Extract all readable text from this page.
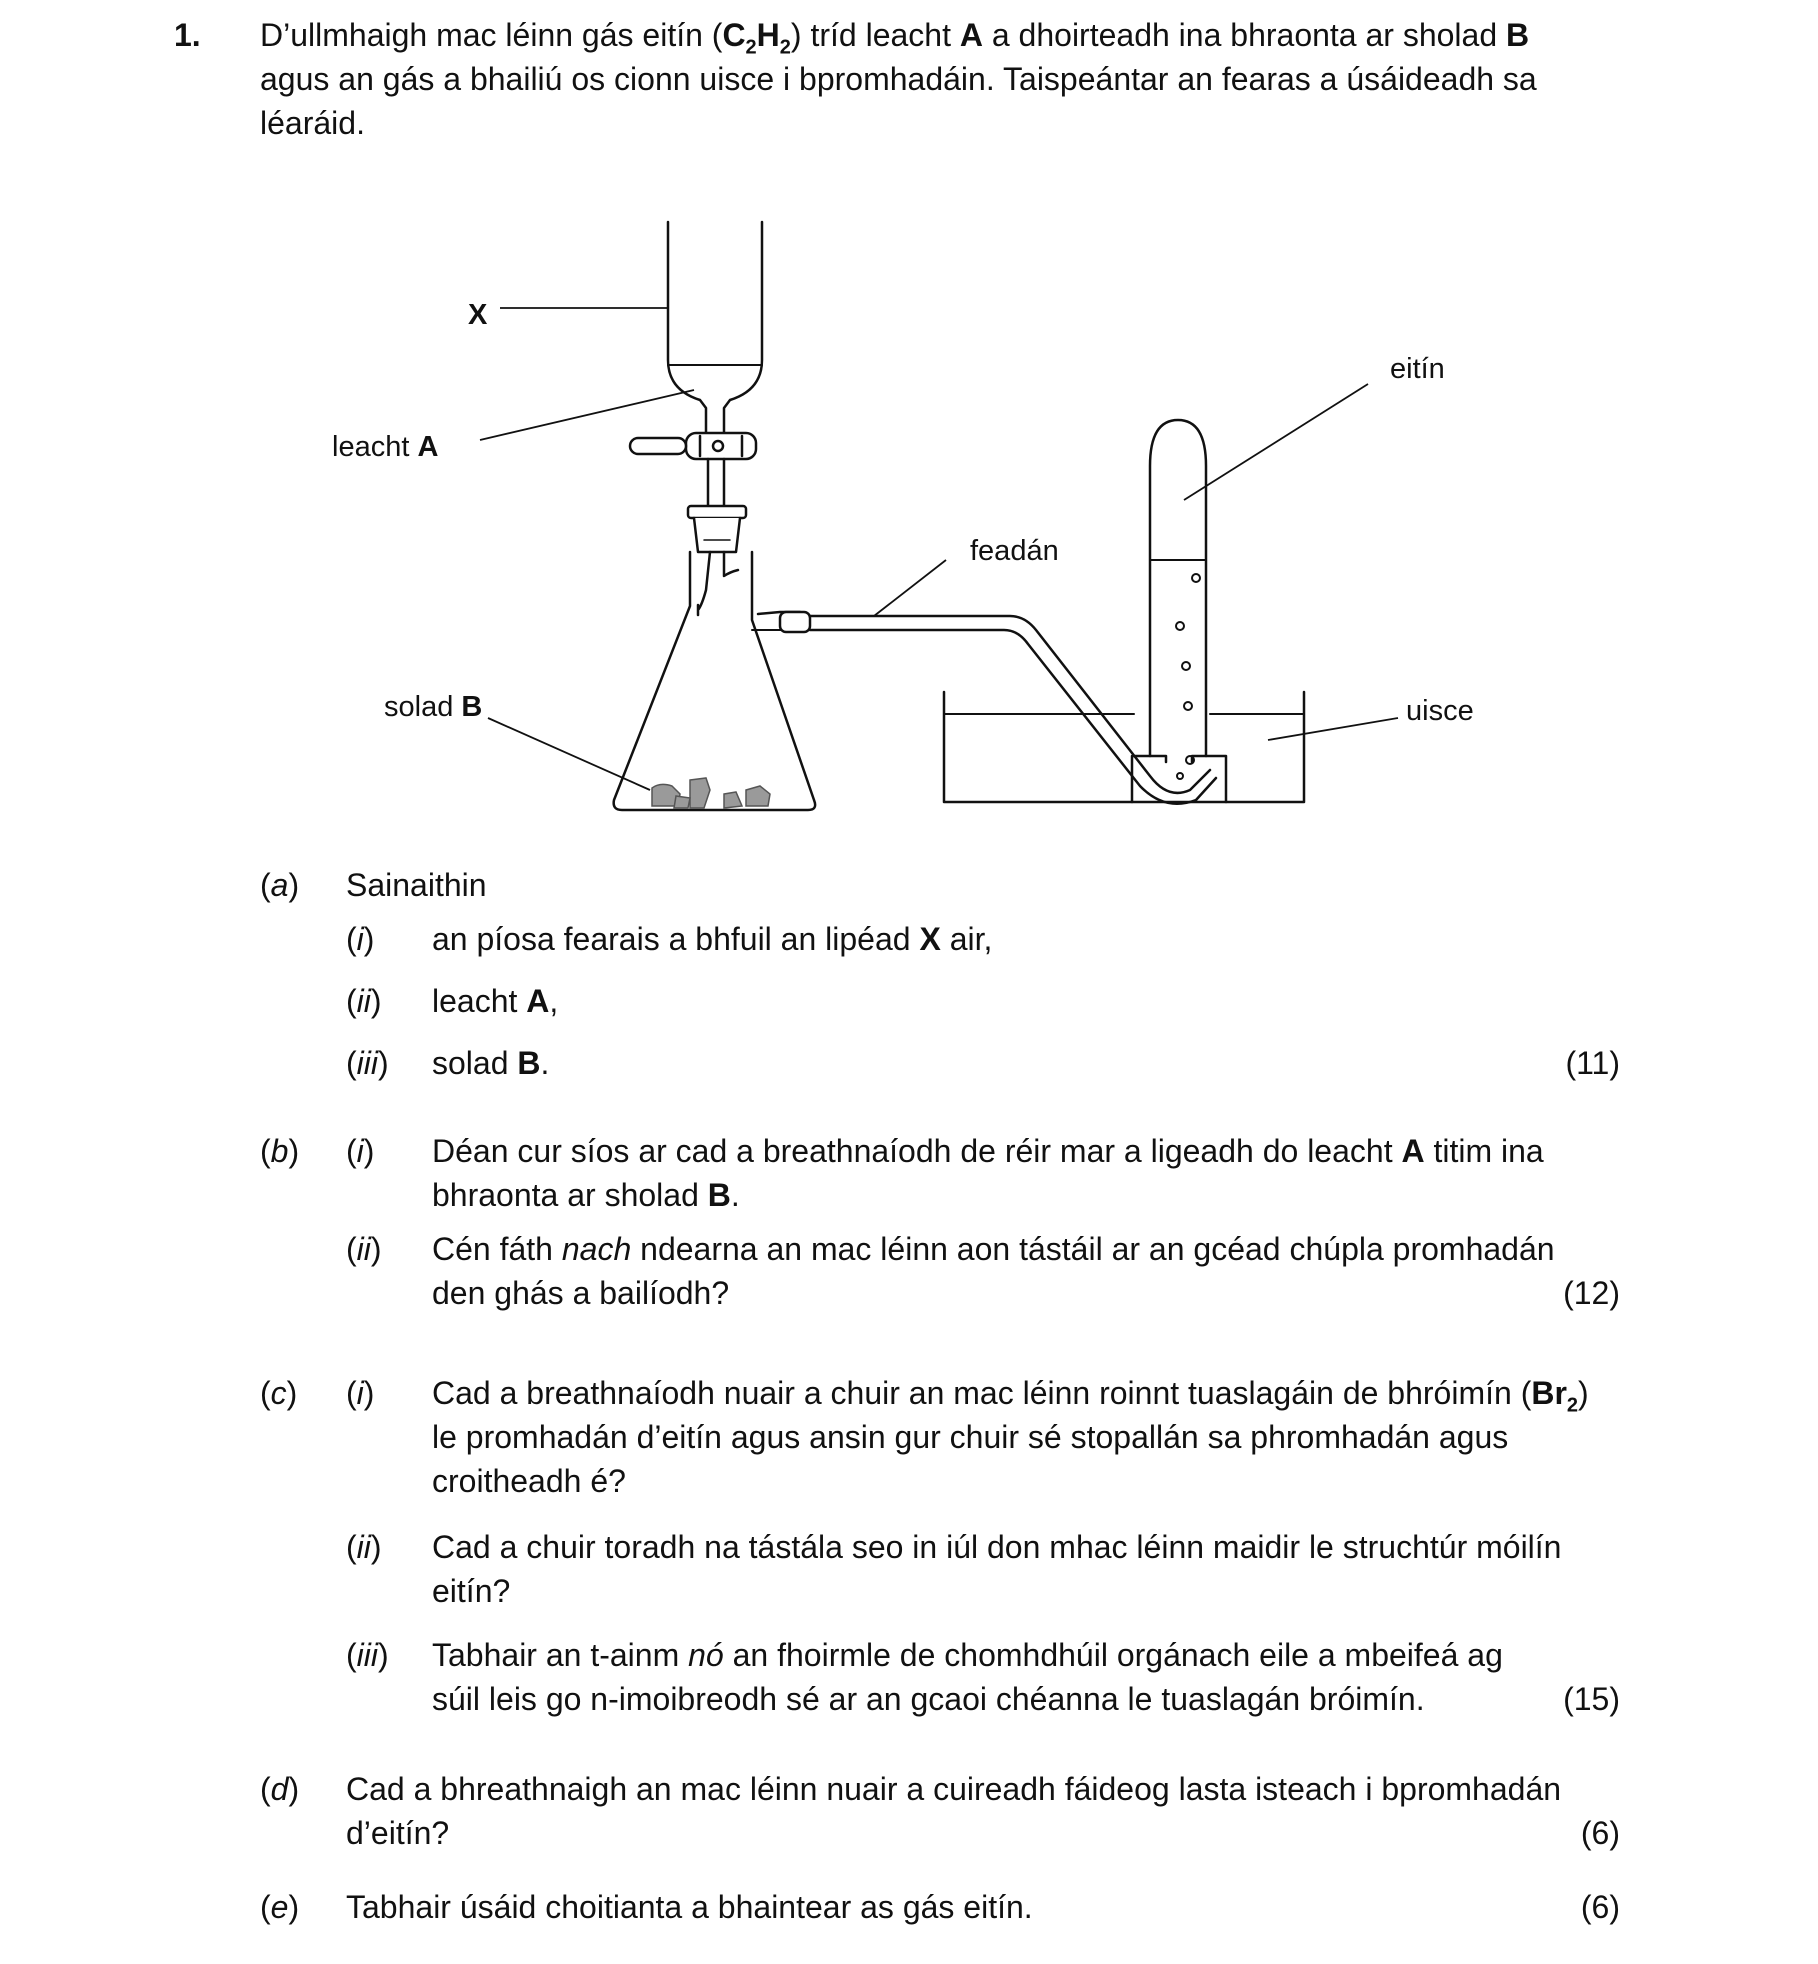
1. D’ullmhaigh mac léinn gás eitín $(C_2H_2)$ tríd leacht A a dhoirteadh ina bhraonta ar sholad B
agus an gás a bhailiú os cionn uisce i bpromhadáin. Taispeántar an fearas a úsáideadh sa
léaráid.
X
leacht A
solad B
feadán
eitín
uisce
(a) Sainaithin
(i) an píosa fearais a bhfuil an lipéad X air,
(ii) leacht A,
(iii) solad B.	(11)
(b) (i) Déan cur síos ar cad a breathnaíodh de réir mar a ligeadh do leacht A titim ina
bhraonta ar sholad B.
(ii) Cén fáth nach ndearna an mac léinn aon tástáil ar an gcéad chúpla promhadán
den ghás a bailíodh?	(12)
(c) (i) Cad a breathnaíodh nuair a chuir an mac léinn roinnt tuaslagáin de bhróimín $(Br_2)$
le promhadán d’eitín agus ansin gur chuir sé stopallán sa phromhadán agus
croitheadh é?
(ii) Cad a chuir toradh na tástála seo in iúl don mhac léinn maidir le struchtúr móilín
eitín?
(iii) Tabhair an t-ainm nó an fhoirmle de chomhdhúil orgánach eile a mbeifeá ag
súil leis go n-imoibreodh sé ar an gcaoi chéanna le tuaslagán bróimín.	(15)
(d) Cad a bhreathnaigh an mac léinn nuair a cuireadh fáideog lasta isteach i bpromhadán
d’eitín?	(6)
(e) Tabhair úsáid choitianta a bhaintear as gás eitín.	(6)
